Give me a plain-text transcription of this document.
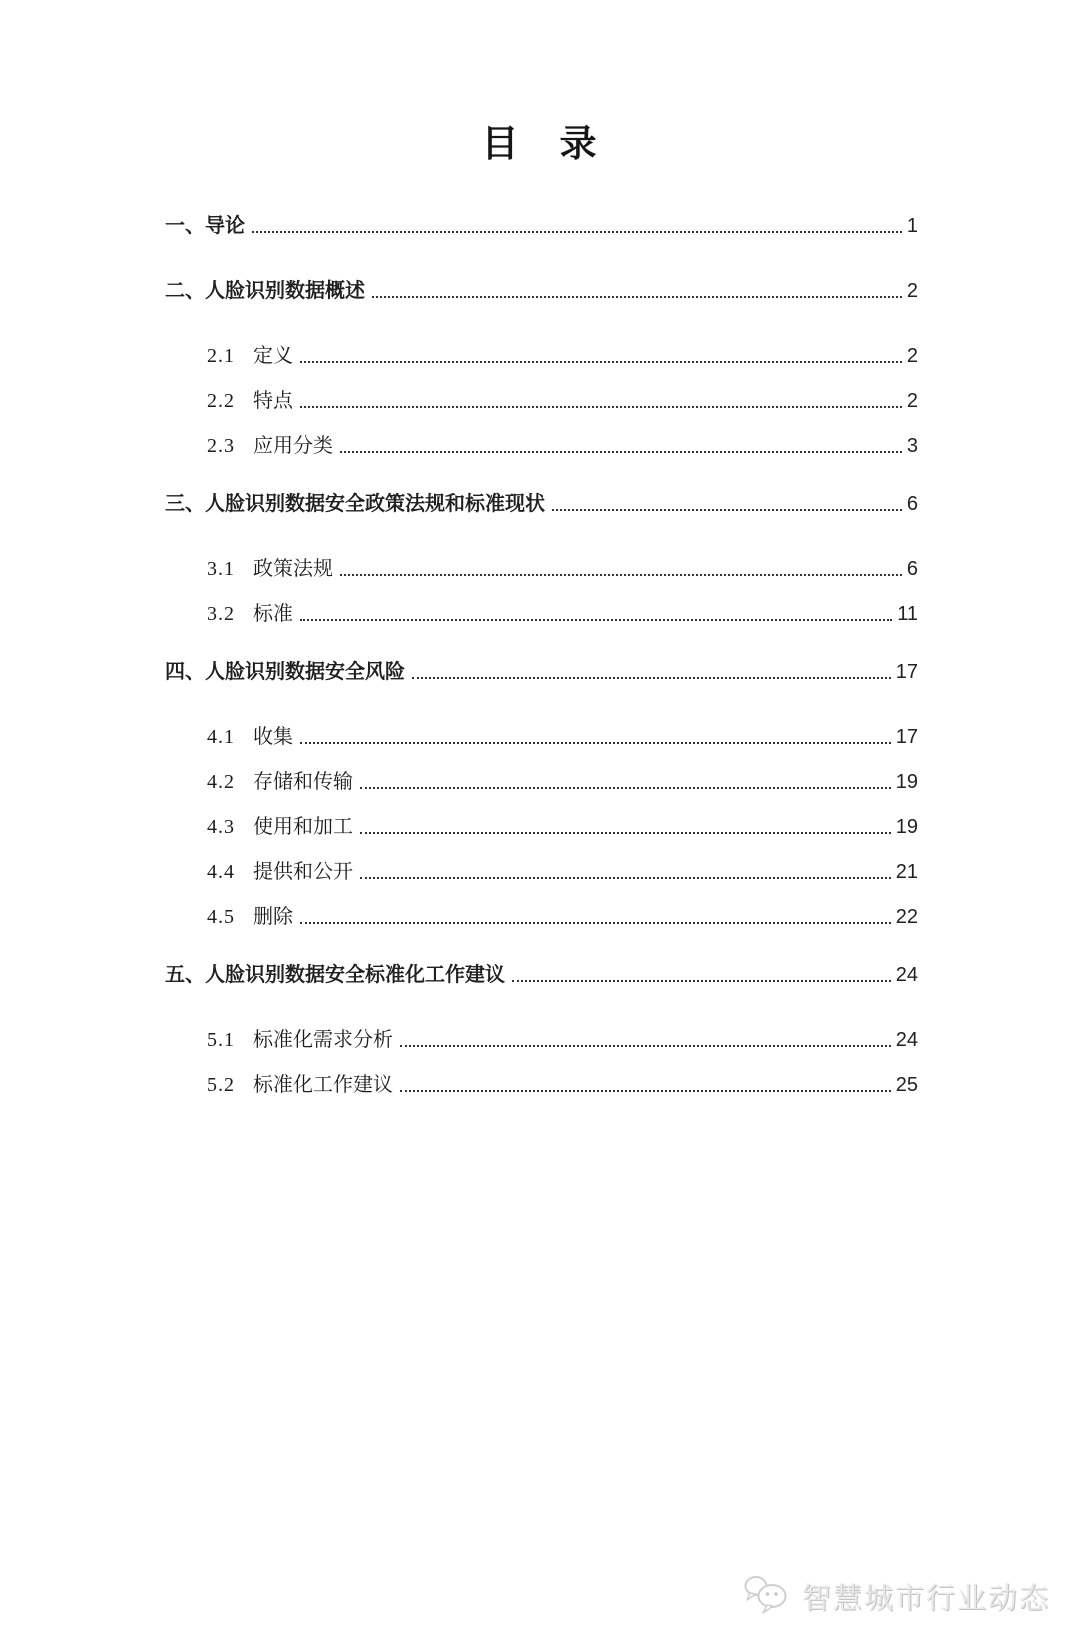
目　录
一、 导论	1
二、 人脸识别数据概述	2
2.1 定义	2
2.2 特点	2
2.3 应用分类	3
三、 人脸识别数据安全政策法规和标准现状	6
3.1 政策法规	6
3.2 标准	11
四、 人脸识别数据安全风险	17
4.1 收集	17
4.2 存储和传输	19
4.3 使用和加工	19
4.4 提供和公开	21
4.5 删除	22
五、 人脸识别数据安全标准化工作建议	24
5.1 标准化需求分析	24
5.2 标准化工作建议	25
智慧城市行业动态
